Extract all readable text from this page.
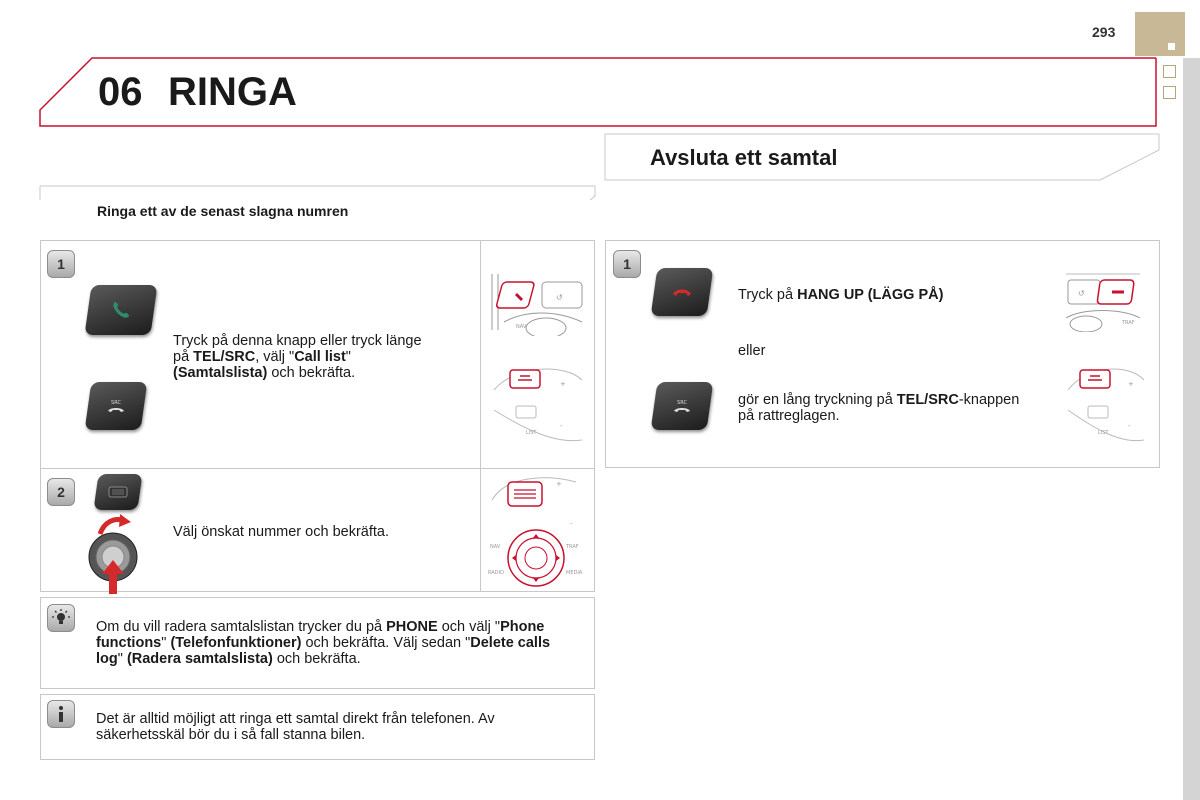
293
06 RINGA
Avsluta ett samtal
Ringa ett av de senast slagna numren
1
SRC
Tryck på denna knapp eller tryck länge på TEL/SRC, välj "Call list" (Samtalslista) och bekräfta.
↺
NAV
LIST
-
+
2
Välj önskat nummer och bekräfta.
+
-
NAV	TRAF
RADIO	MEDIA
Om du vill radera samtalslistan trycker du på PHONE och välj "Phone functions" (Telefonfunktioner) och bekräfta. Välj sedan "Delete calls log" (Radera samtalslista) och bekräfta.
Det är alltid möjligt att ringa ett samtal direkt från telefonen. Av säkerhetsskäl bör du i så fall stanna bilen.
1
SRC
Tryck på HANG UP (LÄGG PÅ)
eller
gör en lång tryckning på TEL/SRC-knappen på rattreglagen.
↺
TRAF
LIST
-
+
